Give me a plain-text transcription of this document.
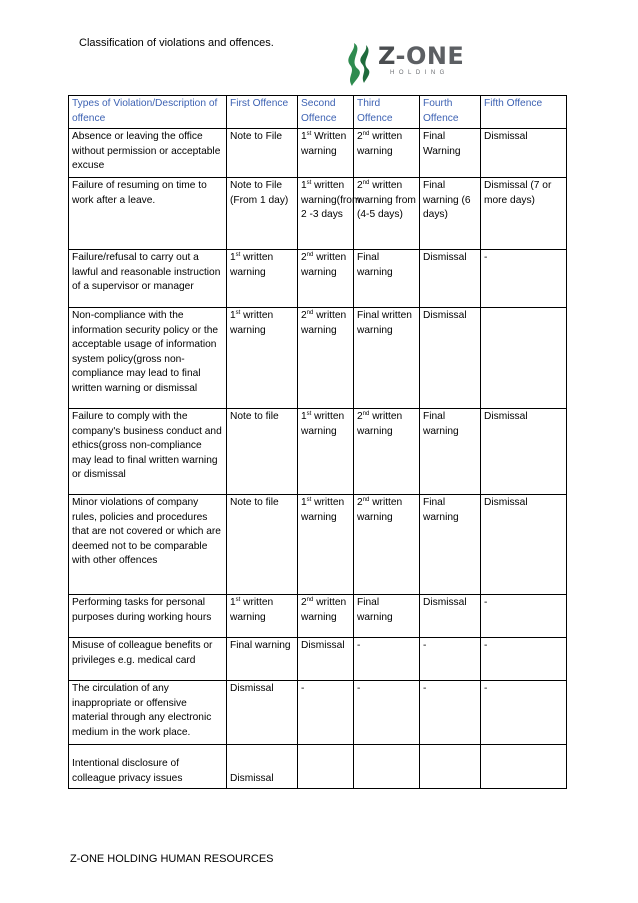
Classification of violations and offences.	Z-ONE
HOLDING
Types of Violation/Description of offence	First Offence	Second Offence	Third Offence	Fourth Offence	Fifth Offence
Absence or leaving the office without permission or acceptable excuse	Note to File	1st Written warning	2nd written warning	Final Warning	Dismissal
Failure of resuming on time to work after a leave.	Note to File (From 1 day)	1st written warning(from 2 -3 days	2nd written warning from (4-5 days)	Final warning (6 days)	Dismissal (7 or more days)
Failure/refusal to carry out a lawful and reasonable instruction of a supervisor or manager	1st written warning	2nd written warning	Final warning	Dismissal	-
Non-compliance with the information security policy or the acceptable usage of information system policy(gross non-compliance may lead to final written warning or dismissal	1st written warning	2nd written warning	Final written warning	Dismissal	
Failure to comply with the company's business conduct and ethics(gross non-compliance may lead to final written warning or dismissal	Note to file	1st written warning	2nd written warning	Final warning	Dismissal
Minor violations of company rules, policies and procedures that are not covered or which are deemed not to be comparable with other offences	Note to file	1st written warning	2nd written warning	Final warning	Dismissal
Performing tasks for personal purposes during working hours	1st written warning	2nd written warning	Final warning	Dismissal	-
Misuse of colleague benefits or privileges e.g. medical card	Final warning	Dismissal	-	-	-
The circulation of any inappropriate or offensive material through any electronic medium in the work place.	Dismissal	-	-	-	-
Intentional disclosure of colleague privacy issues	Dismissal				
Z-ONE HOLDING HUMAN RESOURCES
